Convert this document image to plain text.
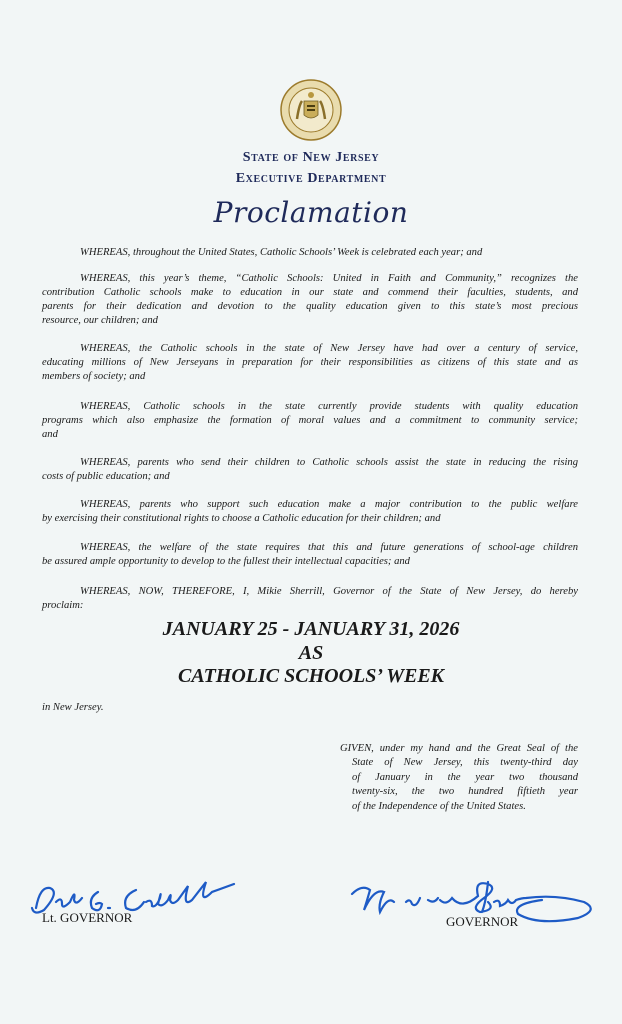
State of New Jersey
Executive Department
Proclamation
WHEREAS, throughout the United States, Catholic Schools’ Week is celebrated each year; and
WHEREAS, this year’s theme, “Catholic Schools: United in Faith and Community,” recognizes the
contribution Catholic schools make to education in our state and commend their faculties, students, and
parents for their dedication and devotion to the quality education given to this state’s most precious
resource, our children; and
WHEREAS, the Catholic schools in the state of New Jersey have had over a century of service,
educating millions of New Jerseyans in preparation for their responsibilities as citizens of this state and as
members of society; and
WHEREAS, Catholic schools in the state currently provide students with quality education
programs which also emphasize the formation of moral values and a commitment to community service;
and
WHEREAS, parents who send their children to Catholic schools assist the state in reducing the rising
costs of public education; and
WHEREAS, parents who support such education make a major contribution to the public welfare
by exercising their constitutional rights to choose a Catholic education for their children; and
WHEREAS, the welfare of the state requires that this and future generations of school-age children
be assured ample opportunity to develop to the fullest their intellectual capacities; and
WHEREAS, NOW, THEREFORE, I, Mikie Sherrill, Governor of the State of New Jersey, do hereby
proclaim:
JANUARY 25 - JANUARY 31, 2026
AS
CATHOLIC SCHOOLS’ WEEK
in New Jersey.
GIVEN, under my hand and the Great Seal of the
State of New Jersey, this twenty-third day
of January in the year two thousand
twenty-six, the two hundred fiftieth year
of the Independence of the United States.
Lt. GOVERNOR	GOVERNOR
